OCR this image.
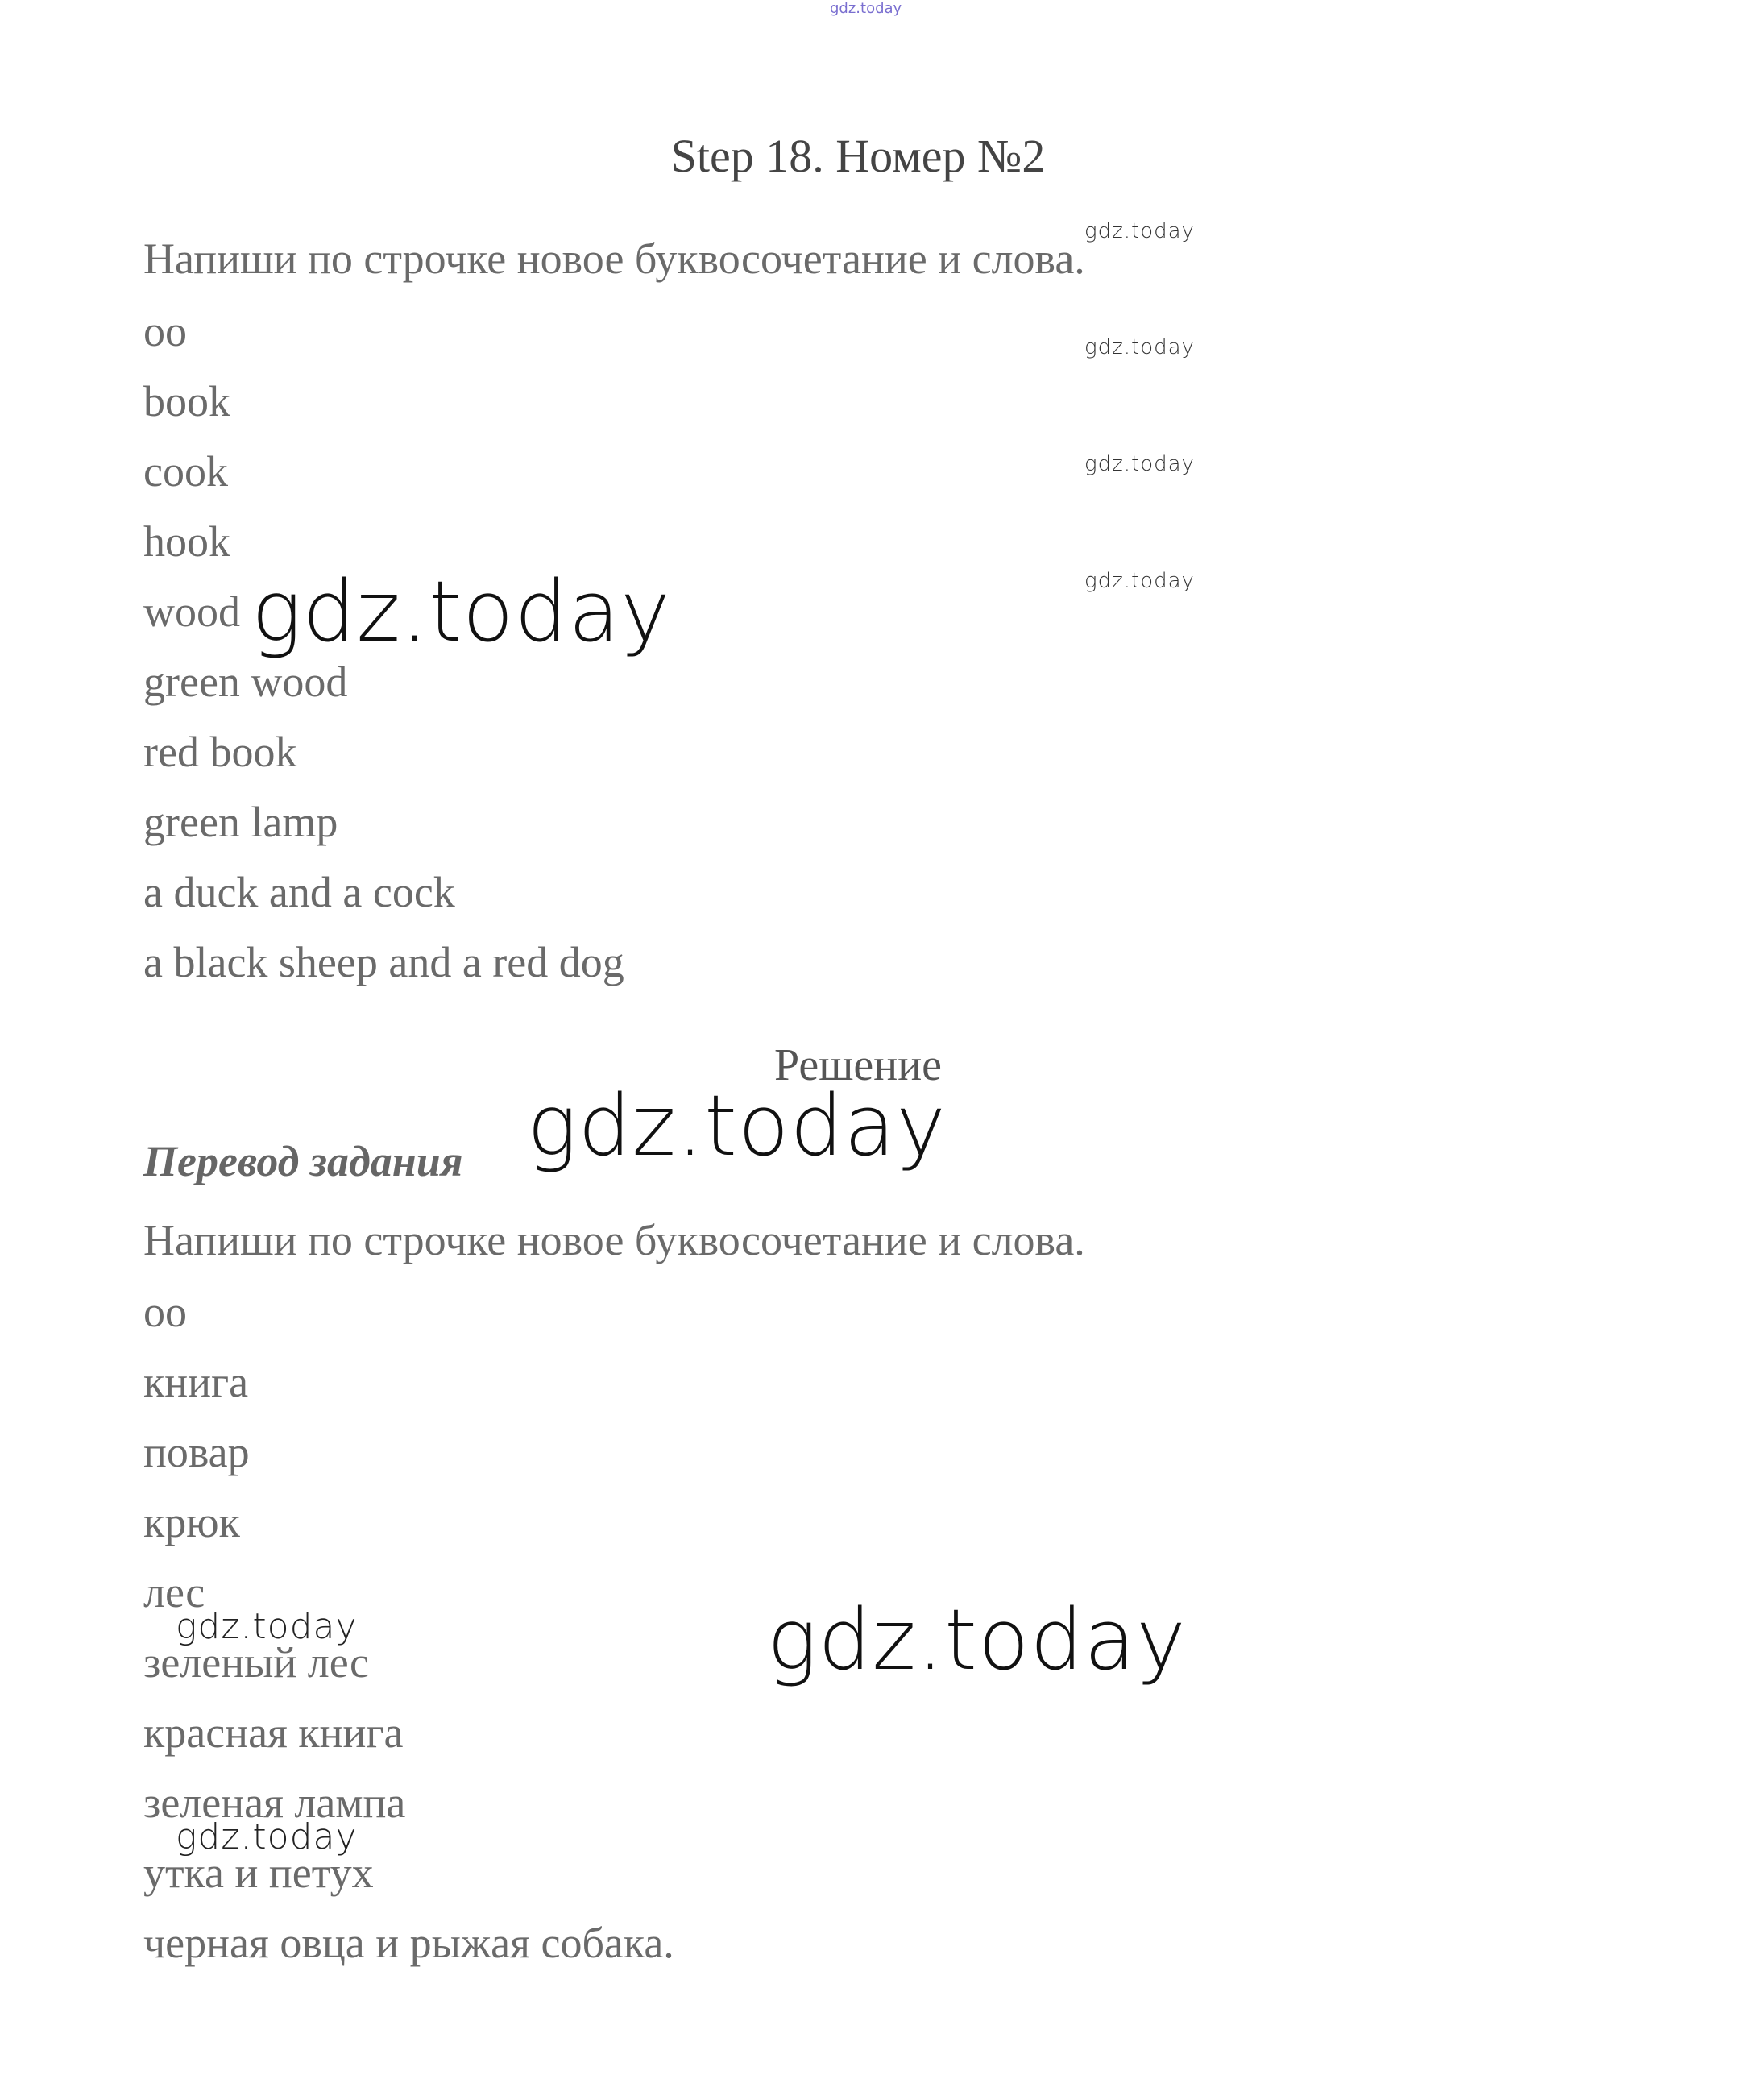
gdz.today
Step 18. Номер №2
Напиши по строчке новое буквосочетание и слова.
oo
book
cook
hook
wood
green wood
red book
green lamp
a duck and a cock
a black sheep and a red dog
Решение
Перевод задания
Напиши по строчке новое буквосочетание и слова.
oo
книга
повар
крюк
лес
зеленый лес
красная книга
зеленая лампа
утка и петух
черная овца и рыжая собака.
gdz.today
gdz.today
gdz.today
gdz.today
gdz.today
gdz.today
gdz.today
gdz.today
gdz.today
